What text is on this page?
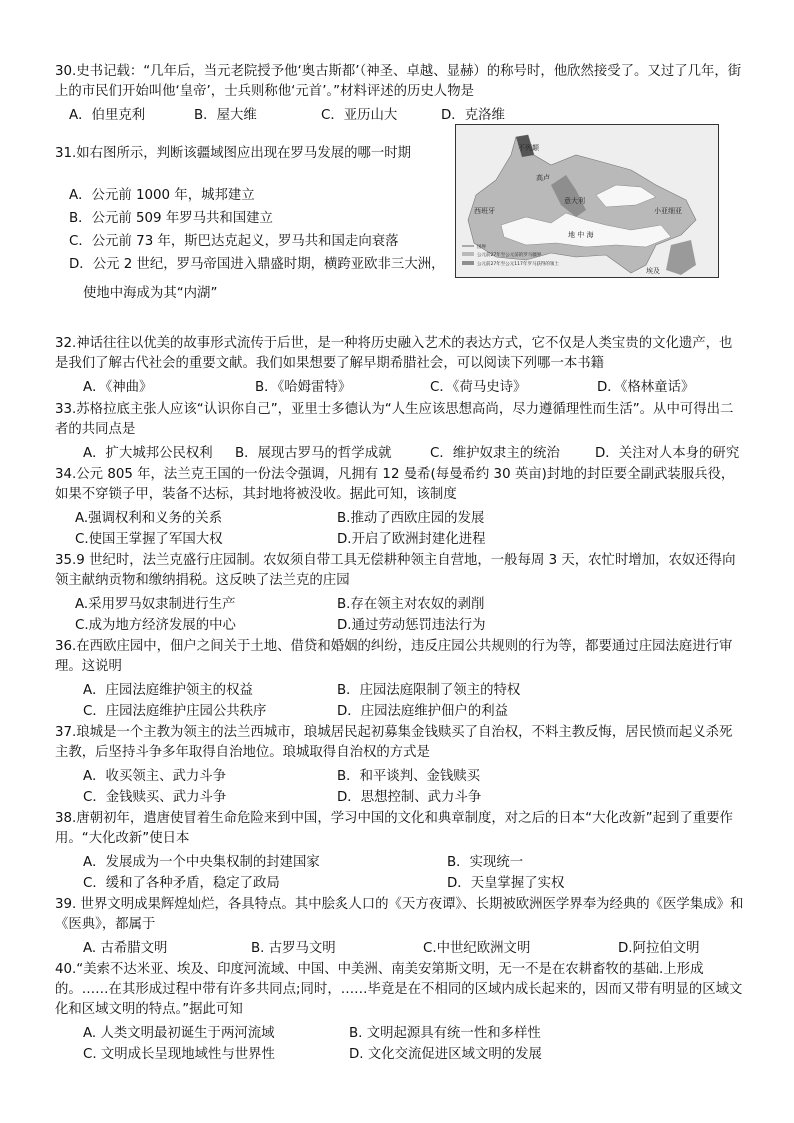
30.史书记载：“几年后，当元老院授予他‘奥古斯都’（神圣、卓越、显赫）的称号时，他欣然接受了。又过了几年，街上的市民们开始叫他‘皇帝’，士兵则称他‘元首’。”材料评述的历史人物是

A．伯里克利	B．屋大维	C．亚历山大	D．克洛维

31.如右图所示，判断该疆域图应出现在罗马发展的哪一时期

A．公元前 1000 年，城邦建立
B．公元前 509 年罗马共和国建立
C．公元前 73 年，斯巴达克起义，罗马共和国走向衰落
D．公元 2 世纪，罗马帝国进入鼎盛时期，横跨亚欧非三大洲，
使地中海成为其“内湖”
不列颠
高卢
西班牙
意大利
小亚细亚
地 中 海
埃及
国界
公元前27年至公元前的罗马疆界
公元前27年至公元117年罗马获得的领土

32.神话往往以优美的故事形式流传于后世，是一种将历史融入艺术的表达方式，它不仅是人类宝贵的文化遗产，也是我们了解古代社会的重要文献。我们如果想要了解早期希腊社会，可以阅读下列哪一本书籍

A．《神曲》	B．《哈姆雷特》	C．《荷马史诗》	D．《格林童话》

33.苏格拉底主张人应该“认识你自己”，亚里士多德认为“人生应该思想高尚，尽力遵循理性而生活”。从中可得出二者的共同点是

A．扩大城邦公民权利	B．展现古罗马的哲学成就	C．维护奴隶主的统治	D．关注对人本身的研究

34.公元 805 年，法兰克王国的一份法令强调，凡拥有 12 曼希(每曼希约 30 英亩)封地的封臣要全副武装服兵役，如果不穿锁子甲，装备不达标，其封地将被没收。据此可知，该制度

A.强调权利和义务的关系	B.推动了西欧庄园的发展
C.使国王掌握了军国大权	D.开启了欧洲封建化进程

35.9 世纪时，法兰克盛行庄园制。农奴须自带工具无偿耕种领主自营地，一般每周 3 天，农忙时增加，农奴还得向领主献纳贡物和缴纳捐税。这反映了法兰克的庄园

A.采用罗马奴隶制进行生产	B.存在领主对农奴的剥削
C.成为地方经济发展的中心	D.通过劳动惩罚违法行为

36.在西欧庄园中，佃户之间关于土地、借贷和婚姻的纠纷，违反庄园公共规则的行为等，都要通过庄园法庭进行审理。这说明

A．庄园法庭维护领主的权益	B．庄园法庭限制了领主的特权
C．庄园法庭维护庄园公共秩序	D．庄园法庭维护佃户的利益

37.琅城是一个主教为领主的法兰西城市，琅城居民起初募集金钱赎买了自治权，不料主教反悔，居民愤而起义杀死主教，后坚持斗争多年取得自治地位。琅城取得自治权的方式是

A．收买领主、武力斗争	B．和平谈判、金钱赎买
C．金钱赎买、武力斗争	D．思想控制、武力斗争

38.唐朝初年，遣唐使冒着生命危险来到中国，学习中国的文化和典章制度，对之后的日本“大化改新”起到了重要作用。“大化改新”使日本

A．发展成为一个中央集权制的封建国家	B．实现统一
C．缓和了各种矛盾，稳定了政局	D．天皇掌握了实权

39. 世界文明成果辉煌灿烂，各具特点。其中脍炙人口的《天方夜谭》、长期被欧洲医学界奉为经典的《医学集成》和《医典》，都属于

A. 古希腊文明	B. 古罗马文明	C.中世纪欧洲文明	D.阿拉伯文明

40.“美索不达米亚、埃及、印度河流域、中国、中美洲、南美安第斯文明，无一不是在农耕畜牧的基础.上形成的。……在其形成过程中带有许多共同点;同时，……毕竟是在不相同的区域内成长起来的，因而又带有明显的区域文化和区域文明的特点。”据此可知

A. 人类文明最初诞生于两河流域	B. 文明起源具有统一性和多样性
C. 文明成长呈现地域性与世界性	D. 文化交流促进区域文明的发展
